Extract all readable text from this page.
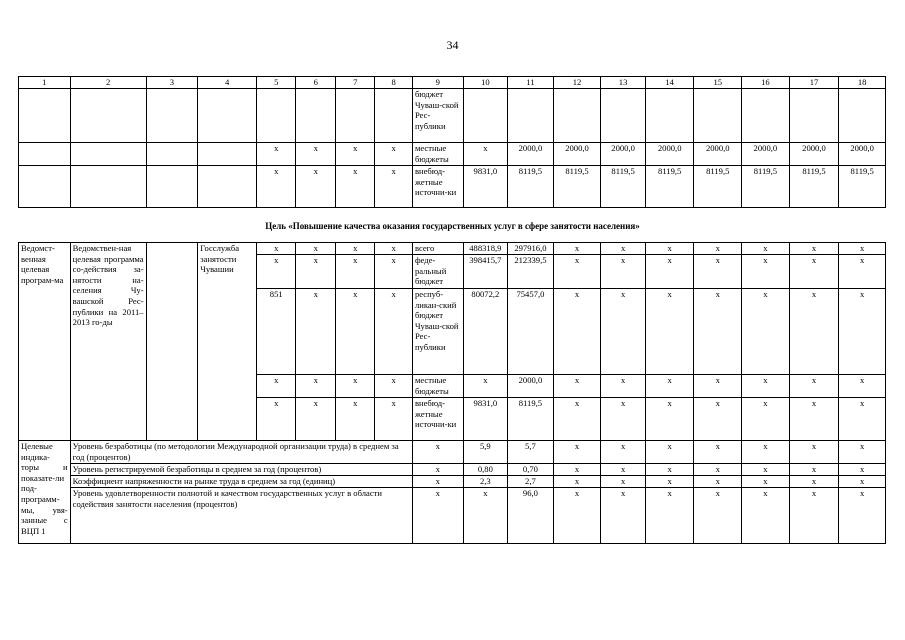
34
1	2	3	4	5	6	7	8	9	10	11	12	13	14	15	16	17	18
								бюджет Чуваш-ской Рес-публики									
				х	х	х	х	местные бюджеты	х	2000,0	2000,0	2000,0	2000,0	2000,0	2000,0	2000,0	2000,0
				х	х	х	х	внебюд-жетные источни-ки	9831,0	8119,5	8119,5	8119,5	8119,5	8119,5	8119,5	8119,5	8119,5
Цель «Повышение качества оказания государственных услуг в сфере занятости населения»
Ведомст-венная целевая програм-ма	Ведомствен-ная целевая программа со-действия за-нятости на-селения Чу-вашской Рес-публики на 2011–2013 го-ды		Госслужба занятости Чувашии	х	х	х	х	всего	488318,9	297916,0	х	х	х	х	х	х	х
				х	х	х	х	феде-ральный бюджет	398415,7	212339,5	х	х	х	х	х	х	х
				851	х	х	х	респуб-ликан-ский бюджет Чуваш-ской Рес-публики	80072,2	75457,0	х	х	х	х	х	х	х
				х	х	х	х	местные бюджеты	х	2000,0	х	х	х	х	х	х	х
				х	х	х	х	внебюд-жетные источни-ки	9831,0	8119,5	х	х	х	х	х	х	х
Целевые индика-торы и показате-ли под-программ-мы, увя-занные с ВЦП 1	Уровень безработицы (по методологии Международной организации труда) в среднем за год (процентов)							х	5,9	5,7	х	х	х	х	х	х	х
	Уровень регистрируемой безработицы в среднем за год (процентов)							х	0,80	0,70	х	х	х	х	х	х	х
	Коэффициент напряженности на рынке труда в среднем за год (единиц)							х	2,3	2,7	х	х	х	х	х	х	х
	Уровень удовлетворенности полнотой и качеством государственных услуг в области содействия занятости населения (процентов)							х	х	96,0	х	х	х	х	х	х	х
